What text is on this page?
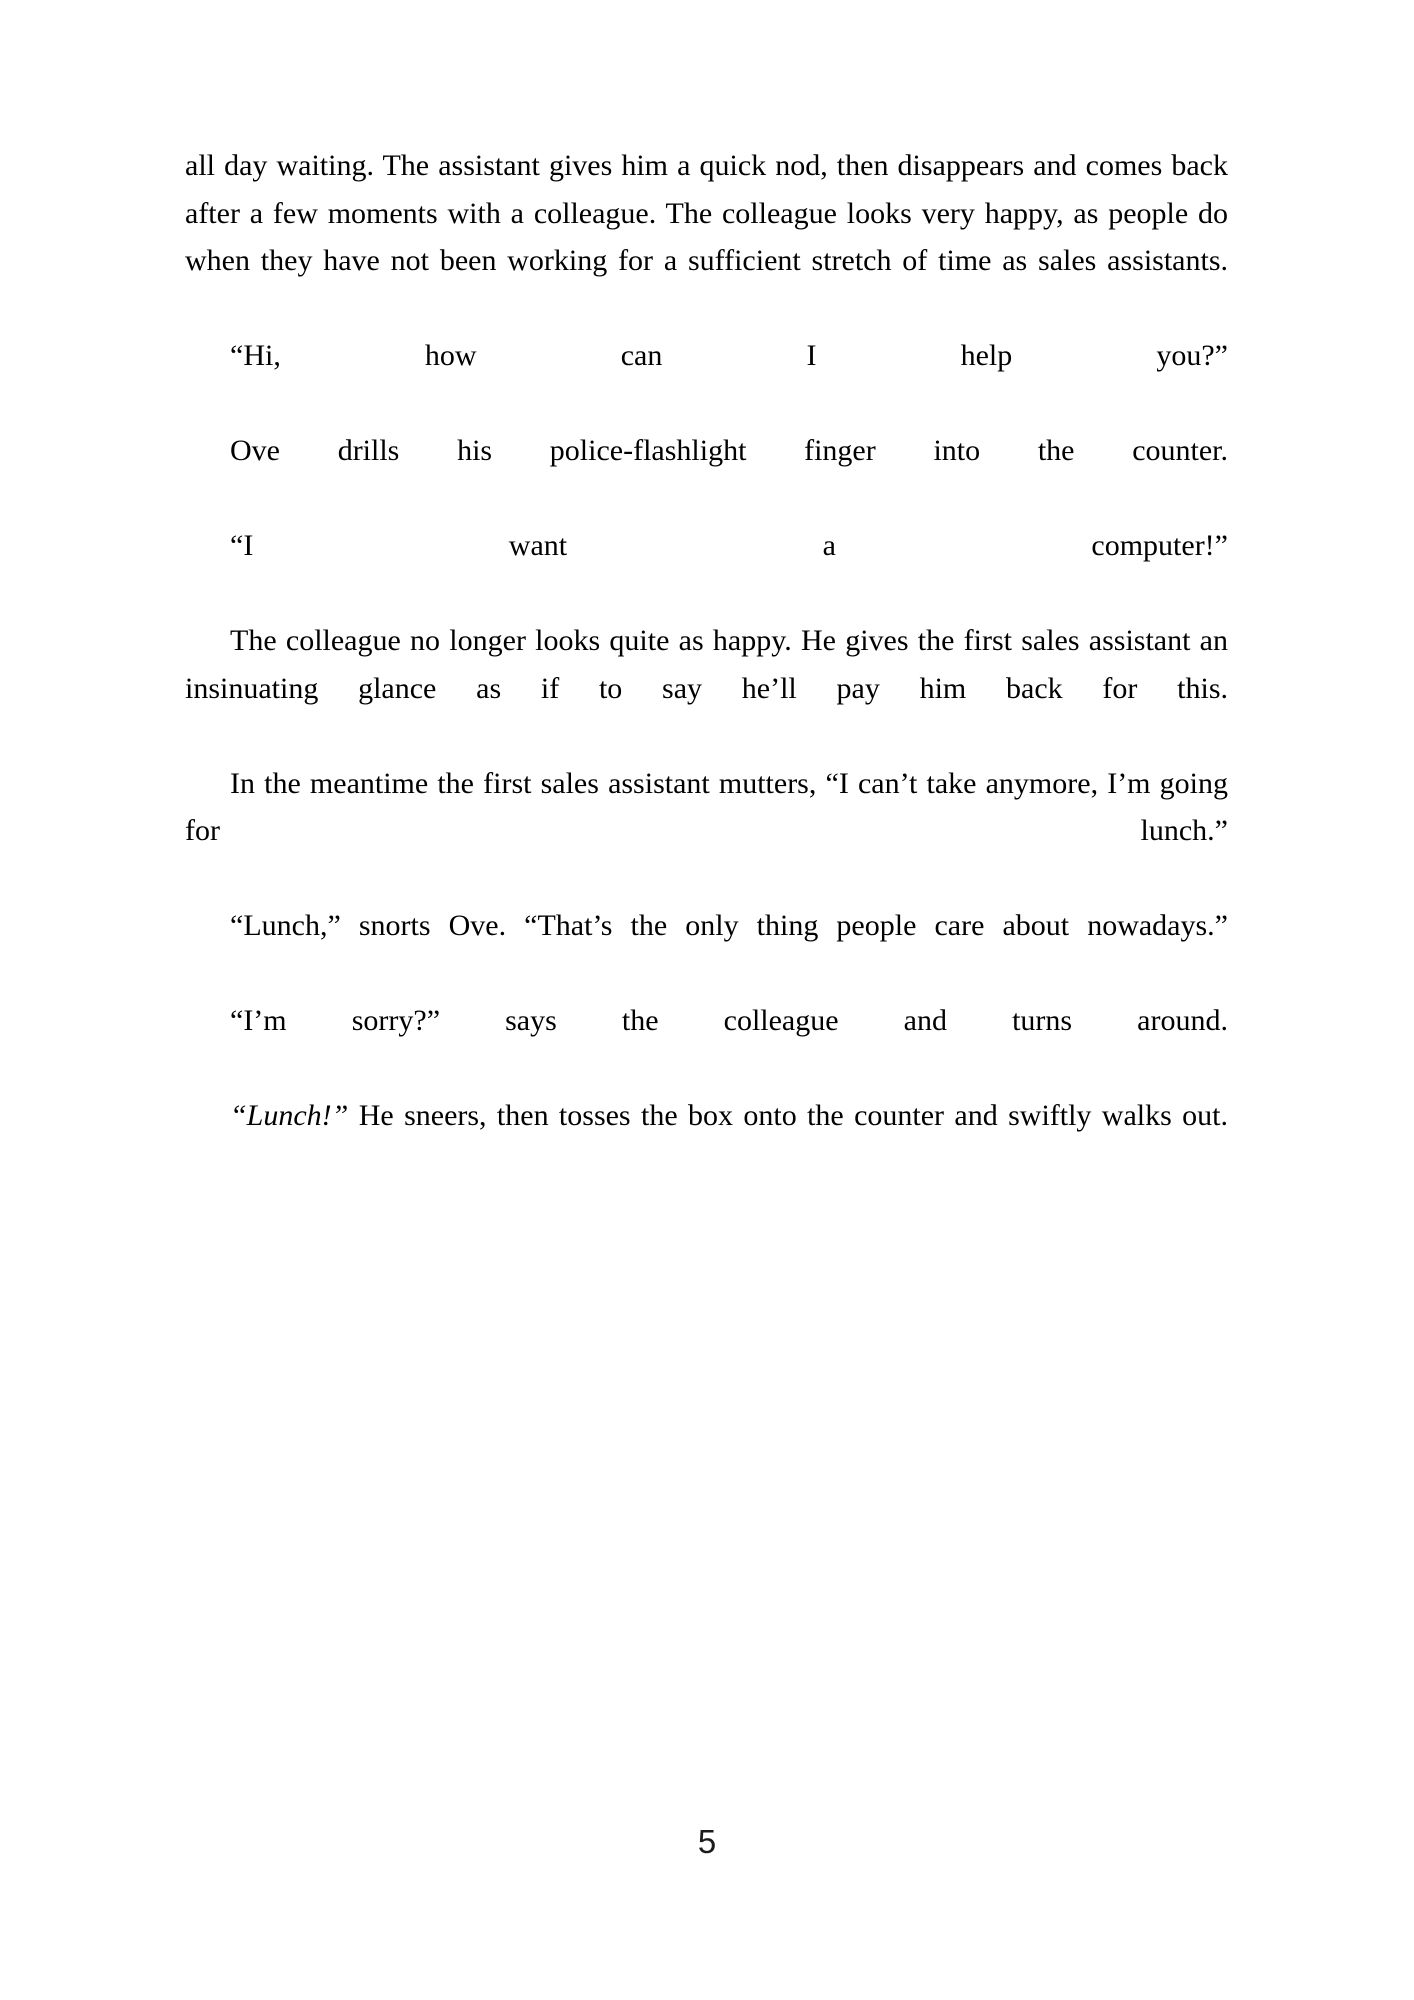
all day waiting. The assistant gives him a quick nod, then disappears and comes back after a few moments with a colleague. The colleague looks very happy, as people do when they have not been working for a sufficient stretch of time as sales assistants.

“Hi, how can I help you?”

Ove drills his police-flashlight finger into the counter.

“I want a computer!”

The colleague no longer looks quite as happy. He gives the first sales assistant an insinuating glance as if to say he’ll pay him back for this.

In the meantime the first sales assistant mutters, “I can’t take anymore, I’m going for lunch.”

“Lunch,” snorts Ove. “That’s the only thing people care about nowadays.”

“I’m sorry?” says the colleague and turns around.

“Lunch!” He sneers, then tosses the box onto the counter and swiftly walks out.

5
